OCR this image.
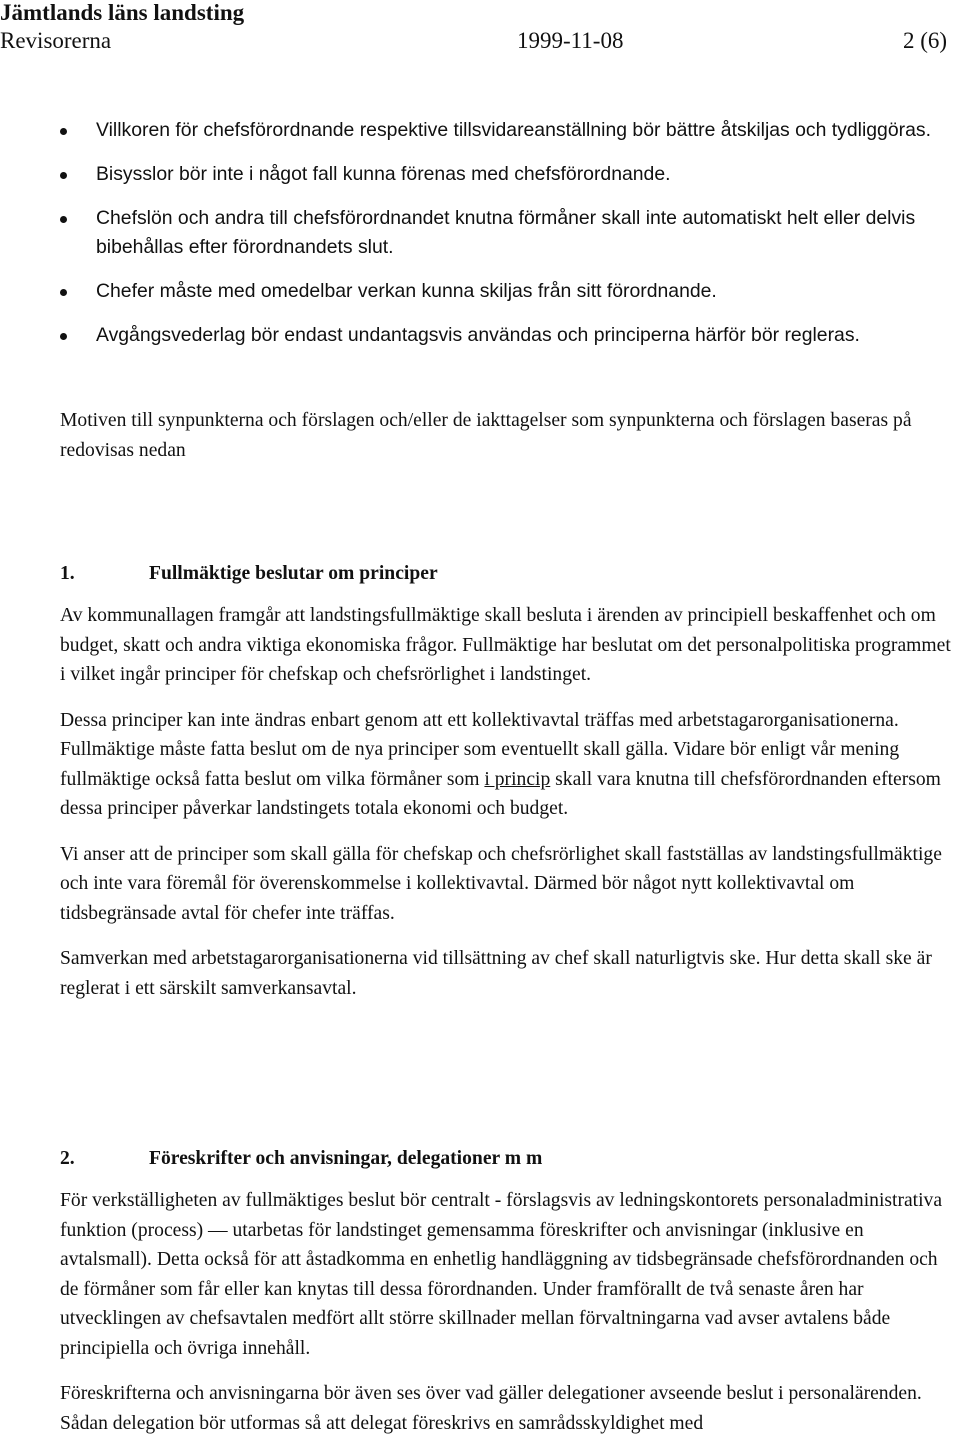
Jämtlands läns landsting
Revisorerna	1999-11-08	2 (6)
Villkoren för chefsförordnande respektive tillsvidareanställning bör bättre åtskiljas och tydliggöras.
Bisysslor bör inte i något fall kunna förenas med chefsförordnande.
Chefslön och andra till chefsförordnandet knutna förmåner skall inte automatiskt helt eller delvis bibehållas efter förordnandets slut.
Chefer måste med omedelbar verkan kunna skiljas från sitt förordnande.
Avgångsvederlag bör endast undantagsvis användas och principerna härför bör regleras.
Motiven till synpunkterna och förslagen och/eller de iakttagelser som synpunkterna och förslagen baseras på redovisas nedan
1.	Fullmäktige beslutar om principer

Av kommunallagen framgår att landstingsfullmäktige skall besluta i ärenden av principiell beskaffenhet och om budget, skatt och andra viktiga ekonomiska frågor. Fullmäktige har beslutat om det personalpolitiska programmet i vilket ingår principer för chefskap och chefsrörlighet i landstinget.

Dessa principer kan inte ändras enbart genom att ett kollektivavtal träffas med arbetstagarorganisationerna. Fullmäktige måste fatta beslut om de nya principer som eventuellt skall gälla. Vidare bör enligt vår mening fullmäktige också fatta beslut om vilka förmåner som i princip skall vara knutna till chefsförordnanden eftersom dessa principer påverkar landstingets totala ekonomi och budget.

Vi anser att de principer som skall gälla för chefskap och chefsrörlighet skall fastställas av landstingsfullmäktige och inte vara föremål för överenskommelse i kollektivavtal. Därmed bör något nytt kollektivavtal om tidsbegränsade avtal för chefer inte träffas.

Samverkan med arbetstagarorganisationerna vid tillsättning av chef skall naturligtvis ske. Hur detta skall ske är reglerat i ett särskilt samverkansavtal.

2.	Föreskrifter och anvisningar, delegationer m m

För verkställigheten av fullmäktiges beslut bör centralt - förslagsvis av ledningskontorets personaladministrativa funktion (process) — utarbetas för landstinget gemensamma föreskrifter och anvisningar (inklusive en avtalsmall). Detta också för att åstadkomma en enhetlig handläggning av tidsbegränsade chefsförordnanden och de förmåner som får eller kan knytas till dessa förordnanden. Under framförallt de två senaste åren har utvecklingen av chefsavtalen medfört allt större skillnader mellan förvaltningarna vad avser avtalens både principiella och övriga innehåll.

Föreskrifterna och anvisningarna bör även ses över vad gäller delegationer avseende beslut i personalärenden. Sådan delegation bör utformas så att delegat föreskrivs en samrådsskyldighet med
